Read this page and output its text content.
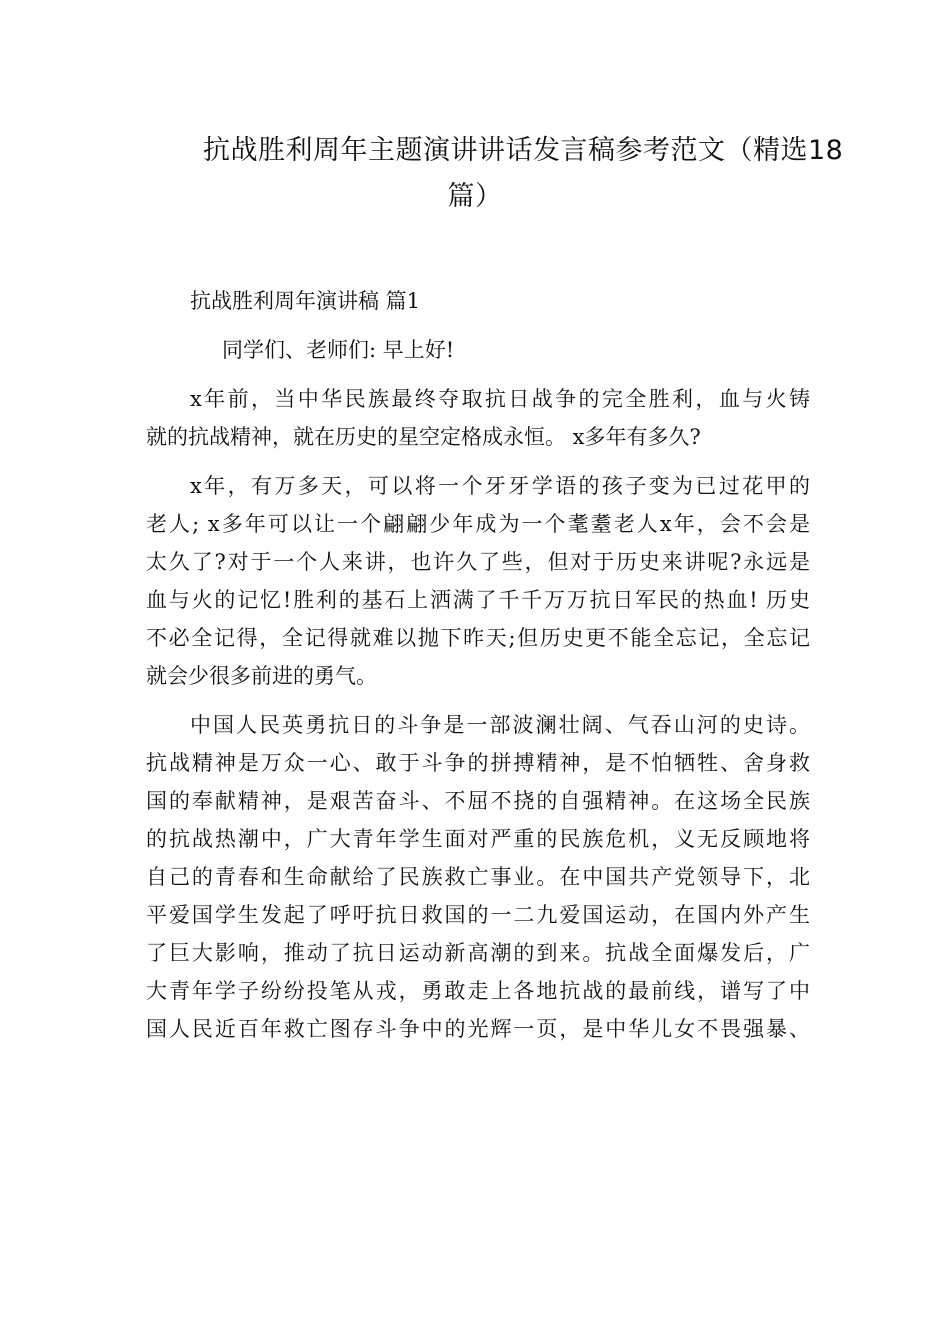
抗战胜利周年主题演讲讲话发言稿参考范文（精选18
篇）
抗战胜利周年演讲稿 篇1
同学们、老师们: 早上好!
x年前，当中华民族最终夺取抗日战争的完全胜利，血与火铸
就的抗战精神，就在历史的星空定格成永恒。 x多年有多久?
x年，有万多天，可以将一个牙牙学语的孩子变为已过花甲的
老人; x多年可以让一个翩翩少年成为一个耄耋老人x年，会不会是
太久了?对于一个人来讲，也许久了些，但对于历史来讲呢?永远是
血与火的记忆!胜利的基石上洒满了千千万万抗日军民的热血! 历史
不必全记得，全记得就难以抛下昨天;但历史更不能全忘记，全忘记
就会少很多前进的勇气。
中国人民英勇抗日的斗争是一部波澜壮阔、气吞山河的史诗。
抗战精神是万众一心、敢于斗争的拼搏精神，是不怕牺牲、舍身救
国的奉献精神，是艰苦奋斗、不屈不挠的自强精神。在这场全民族
的抗战热潮中，广大青年学生面对严重的民族危机，义无反顾地将
自己的青春和生命献给了民族救亡事业。在中国共产党领导下，北
平爱国学生发起了呼吁抗日救国的一二九爱国运动，在国内外产生
了巨大影响，推动了抗日运动新高潮的到来。抗战全面爆发后，广
大青年学子纷纷投笔从戎，勇敢走上各地抗战的最前线，谱写了中
国人民近百年救亡图存斗争中的光辉一页，是中华儿女不畏强暴、
